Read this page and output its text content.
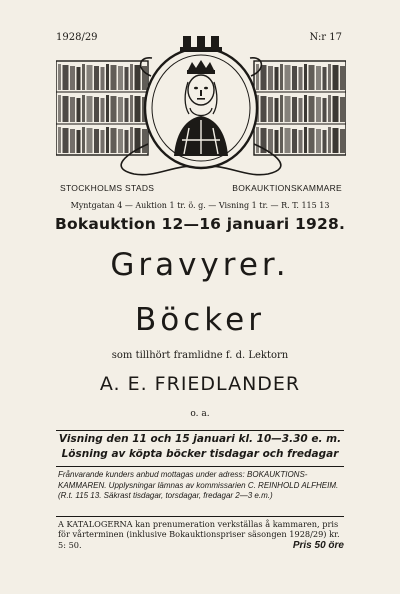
1928/29	N:r 17
STOCKHOLMS STADS	BOKAUKTIONSKAMMARE
Myntgatan 4 — Auktion 1 tr. ö. g. — Visning 1 tr. — R. T. 115 13
Bokauktion 12—16 januari 1928.
Gravyrer.
Böcker
som tillhört framlidne f. d. Lektorn
A. E. FRIEDLANDER
o. a.
Visning den 11 och 15 januari kl. 10—3.30 e. m.
Lösning av köpta böcker tisdagar och fredagar
Frånvarande kunders anbud mottagas under adress: BOKAUKTIONS-KAMMAREN. Upplysningar lämnas av kommissarien C. REINHOLD ALFHEIM. (R.t. 115 13. Säkrast tisdagar, torsdagar, fredagar 2—3 e.m.)
A KATALOGERNA kan prenumeration verkställas å kammaren, pris för vårterminen (inklusive Bokauktionspriser säsongen 1928/29) kr. 5: 50.	Pris 50 öre
